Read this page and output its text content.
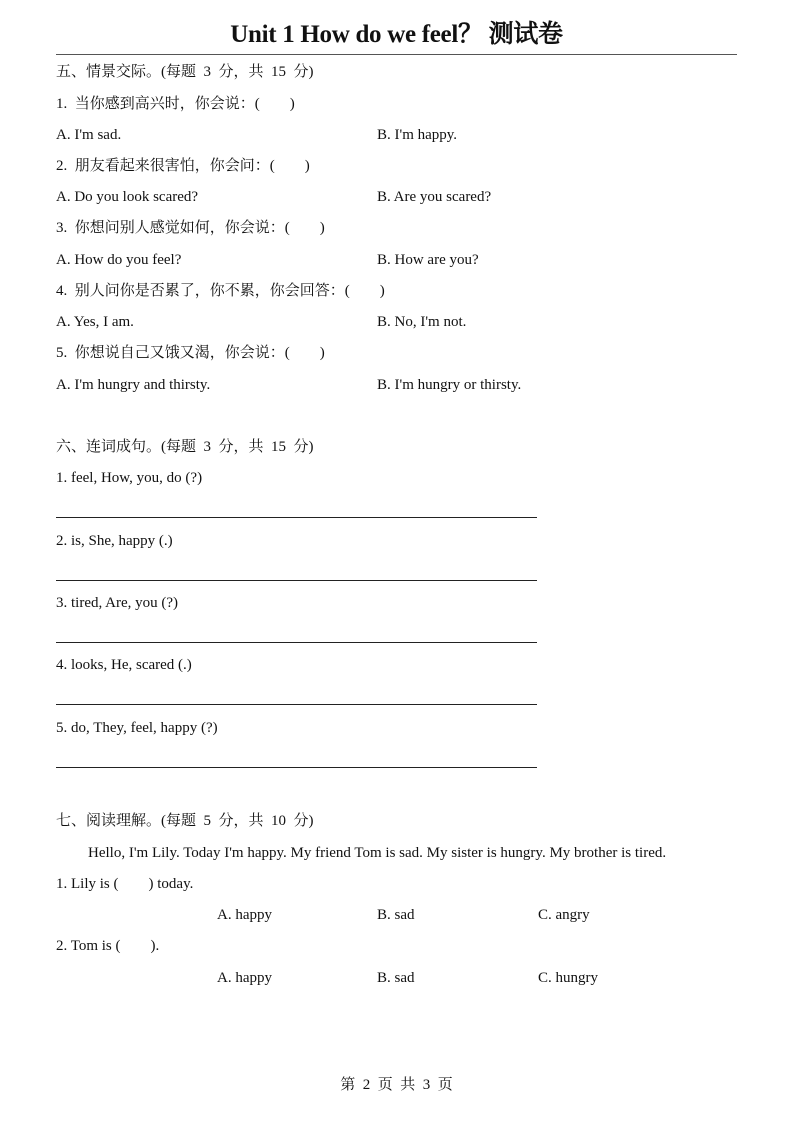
Unit 1 How do we feel？ 测试卷
五、情景交际。(每题  3  分，共  15  分)
1.  当你感到高兴时，你会说：(        )
A. I'm sad.	B. I'm happy.
2.  朋友看起来很害怕，你会问：(        )
A. Do you look scared?	B. Are you scared?
3.  你想问别人感觉如何，你会说：(        )
A. How do you feel?	B. How are you?
4.  别人问你是否累了，你不累，你会回答：(        )
A. Yes, I am.	B. No, I'm not.
5.  你想说自己又饿又渴，你会说：(        )
A. I'm hungry and thirsty.	B. I'm hungry or thirsty.
六、连词成句。(每题  3  分，共  15  分)
1. feel, How, you, do (?)
2. is, She, happy (.)
3. tired, Are, you (?)
4. looks, He, scared (.)
5. do, They, feel, happy (?)
七、阅读理解。(每题  5  分，共  10  分)
Hello, I'm Lily. Today I'm happy. My friend Tom is sad. My sister is hungry. My brother is tired.
1. Lily is (        ) today.
A. happy	B. sad	C. angry
2. Tom is (        ).
A. happy	B. sad	C. hungry
第  2  页  共  3  页
